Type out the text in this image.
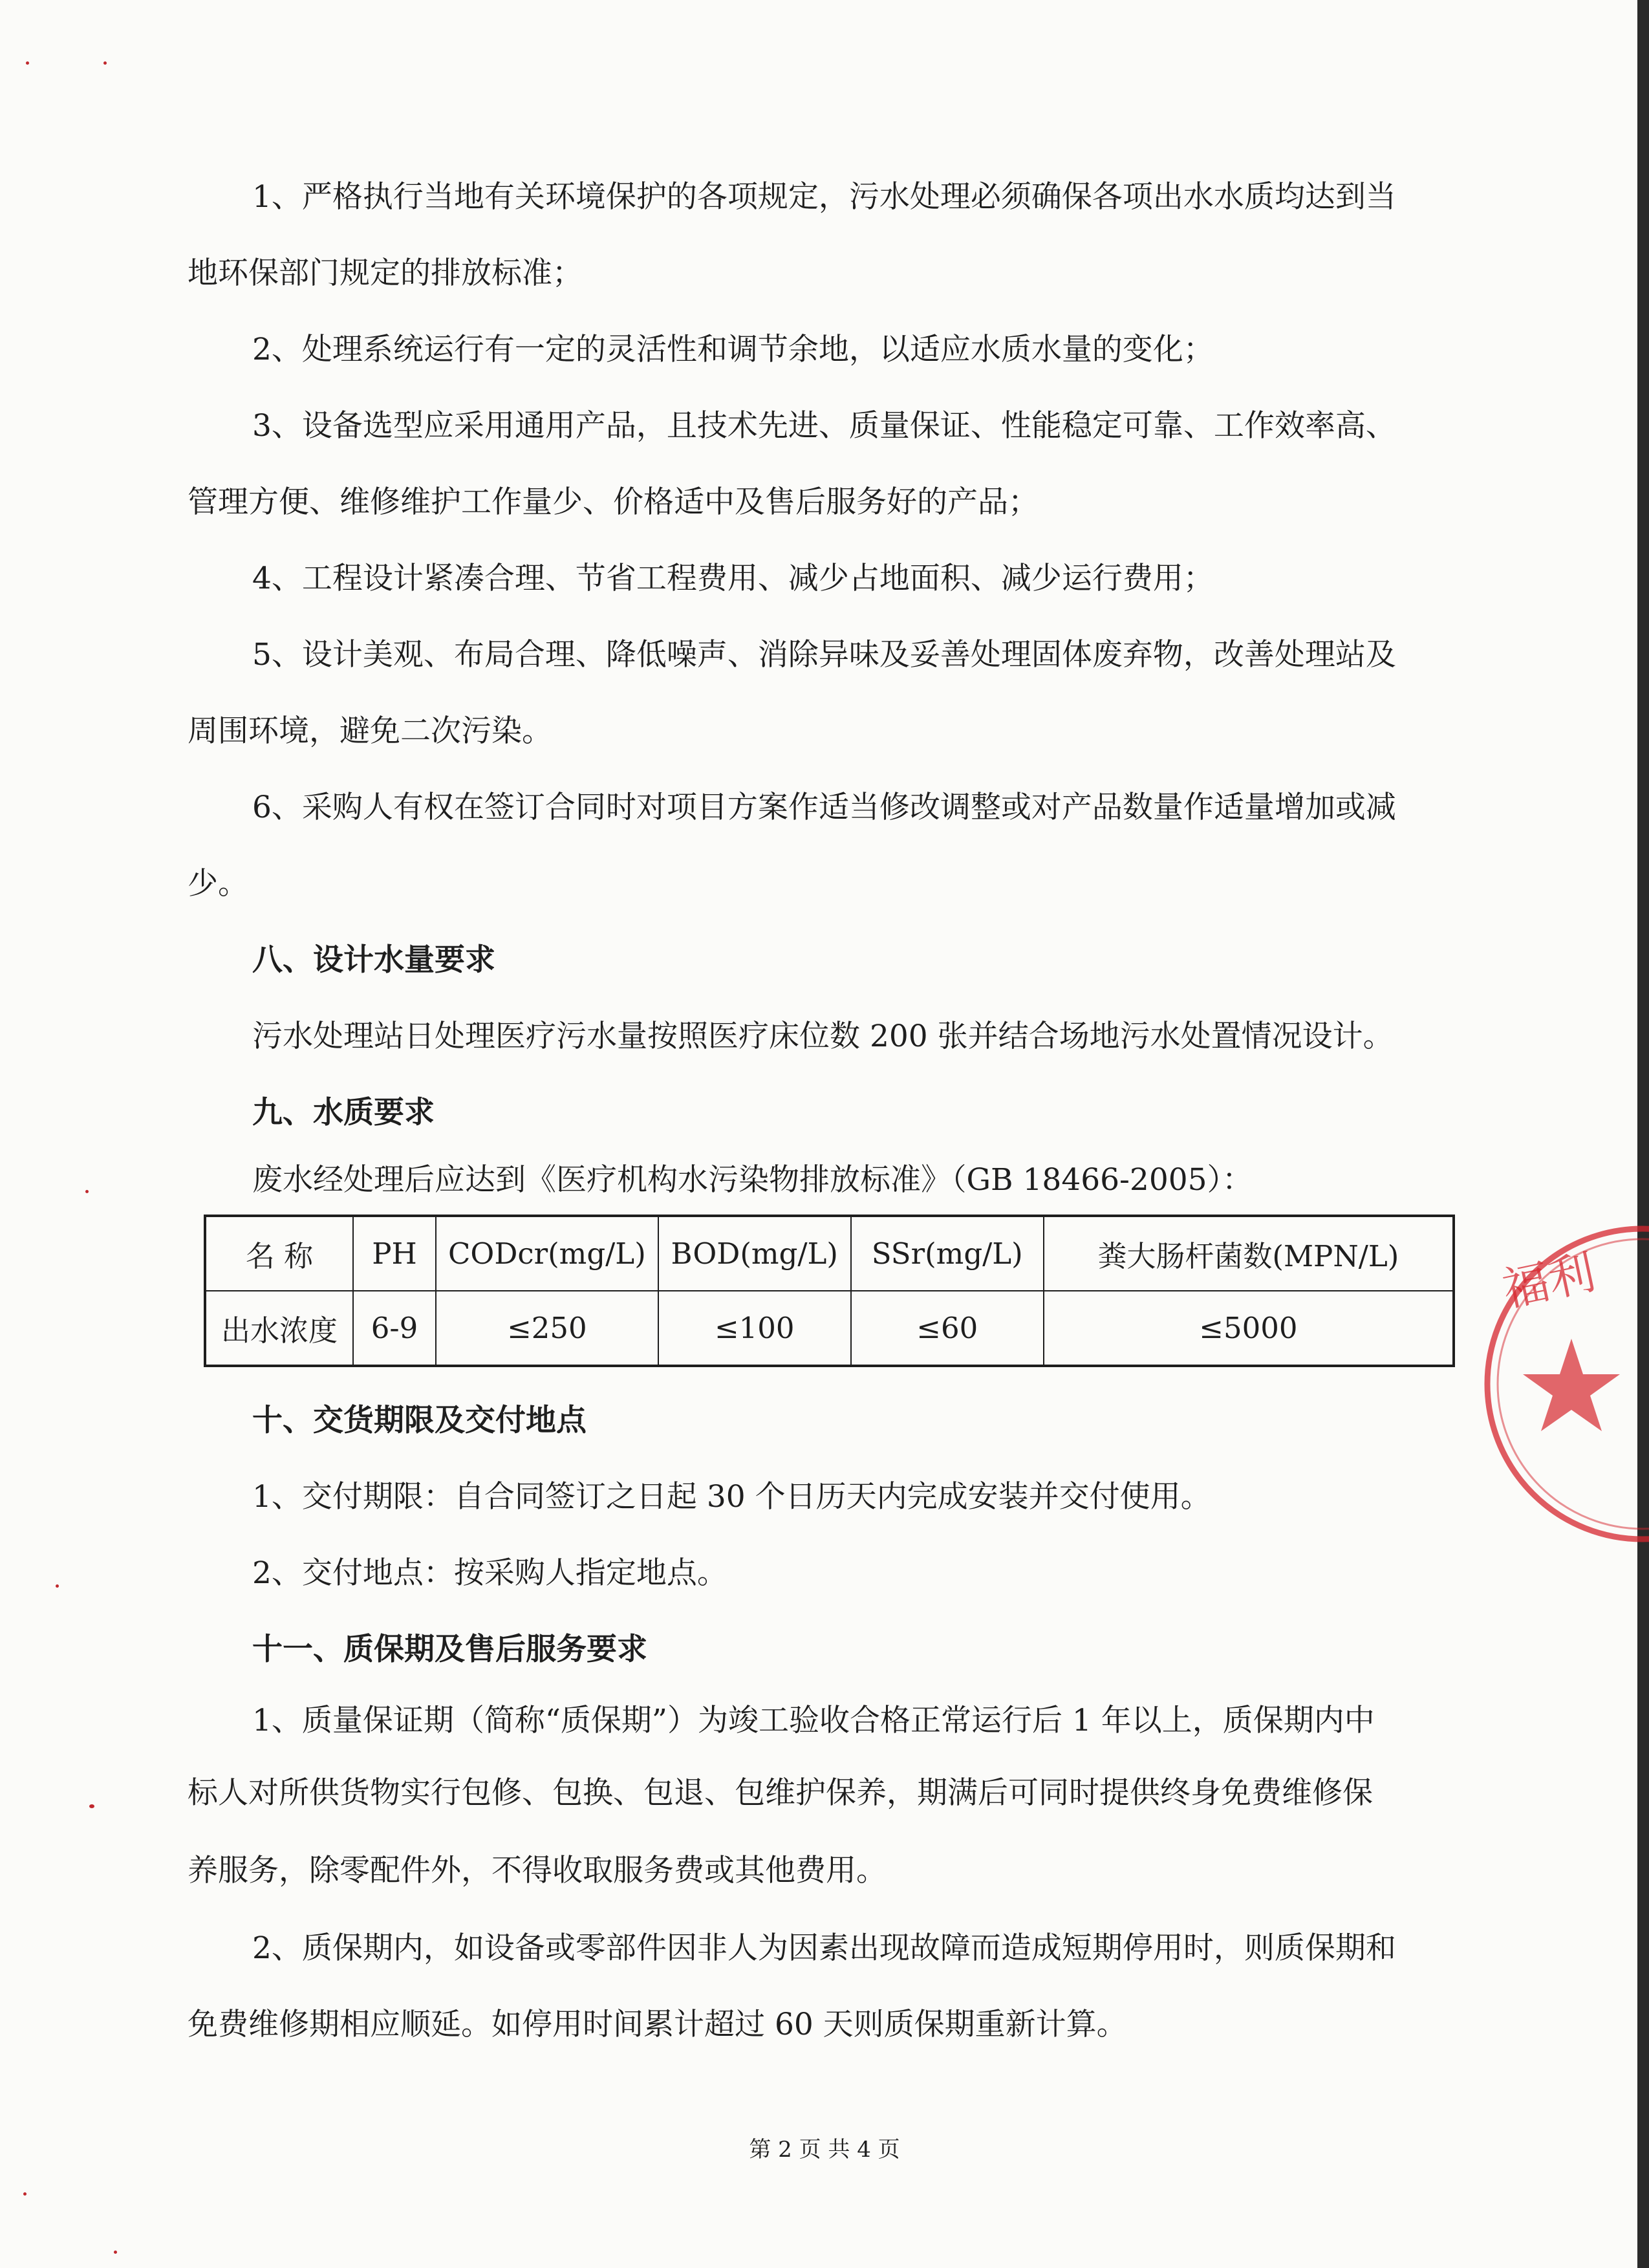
1、严格执行当地有关环境保护的各项规定，污水处理必须确保各项出水水质均达到当

地环保部门规定的排放标准；

2、处理系统运行有一定的灵活性和调节余地，以适应水质水量的变化；

3、设备选型应采用通用产品，且技术先进、质量保证、性能稳定可靠、工作效率高、

管理方便、维修维护工作量少、价格适中及售后服务好的产品；

4、工程设计紧凑合理、节省工程费用、减少占地面积、减少运行费用；

5、设计美观、布局合理、降低噪声、消除异味及妥善处理固体废弃物，改善处理站及

周围环境，避免二次污染。

6、采购人有权在签订合同时对项目方案作适当修改调整或对产品数量作适量增加或减

少。

八、设计水量要求

污水处理站日处理医疗污水量按照医疗床位数 200 张并结合场地污水处置情况设计。

九、水质要求

废水经处理后应达到《医疗机构水污染物排放标准》（GB 18466-2005）：

名 称	PH	CODcr(mg/L)	BOD(mg/L)	SSr(mg/L)	粪大肠杆菌数(MPN/L)
出水浓度	6-9	≤250	≤100	≤60	≤5000

十、交货期限及交付地点

1、交付期限：自合同签订之日起 30 个日历天内完成安装并交付使用。

2、交付地点：按采购人指定地点。

十一、质保期及售后服务要求

1、质量保证期（简称“质保期”）为竣工验收合格正常运行后 1 年以上，质保期内中

标人对所供货物实行包修、包换、包退、包维护保养，期满后可同时提供终身免费维修保

养服务，除零配件外，不得收取服务费或其他费用。

2、质保期内，如设备或零部件因非人为因素出现故障而造成短期停用时，则质保期和

免费维修期相应顺延。如停用时间累计超过 60 天则质保期重新计算。

第 2 页 共 4 页
福利
